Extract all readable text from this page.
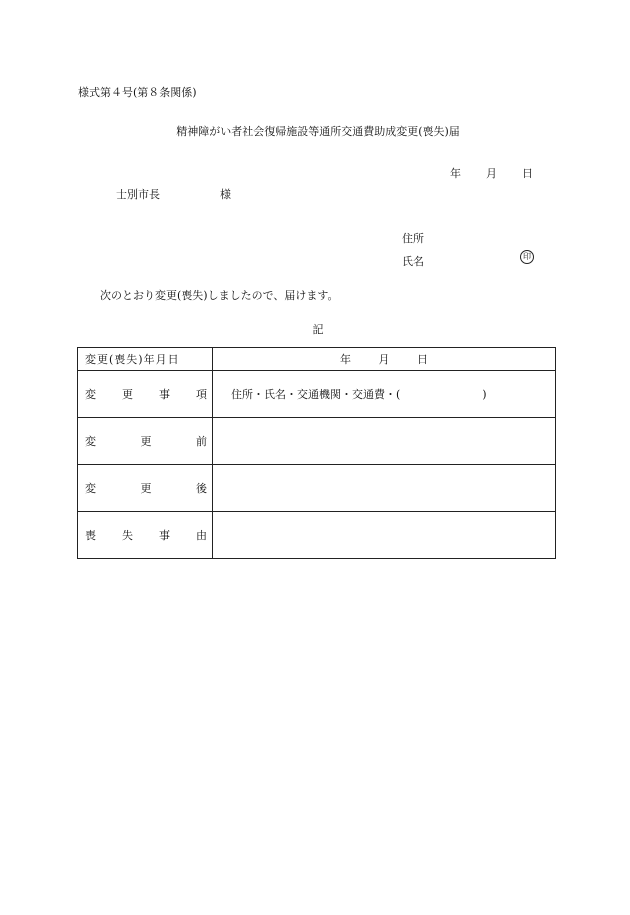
様式第４号(第８条関係)
精神障がい者社会復帰施設等通所交通費助成変更(喪失)届
年 月 日
士別市長	様
住所
氏名	印
次のとおり変更(喪失)しましたので、届けます。
記
変更(喪失)年月日	年 月 日

変 更 事 項	住所・氏名・交通機関・交通費・( )

変 更 前	

変 更 後	

喪 失 事 由	
